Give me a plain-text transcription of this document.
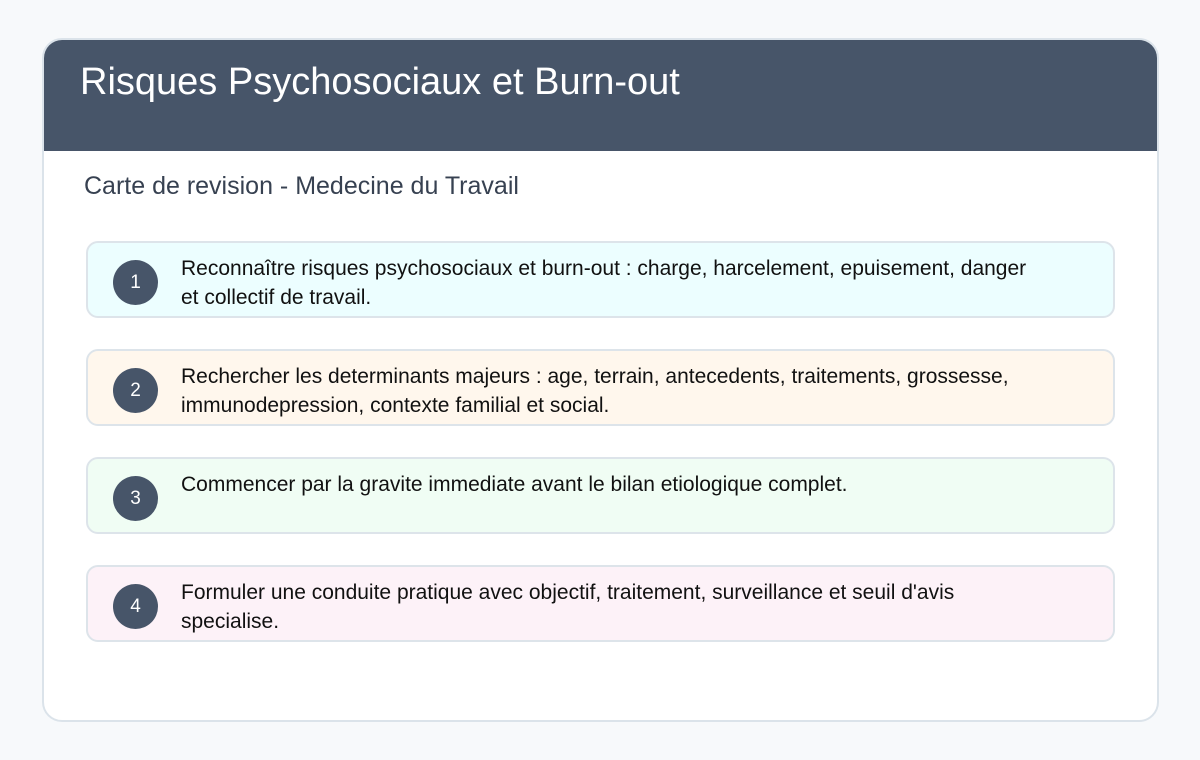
Risques Psychosociaux et Burn-out

Carte de revision - Medecine du Travail

1
Reconnaître risques psychosociaux et burn-out : charge, harcelement, epuisement, danger et collectif de travail.
2
Rechercher les determinants majeurs : age, terrain, antecedents, traitements, grossesse, immunodepression, contexte familial et social.
3
Commencer par la gravite immediate avant le bilan etiologique complet.
4
Formuler une conduite pratique avec objectif, traitement, surveillance et seuil d'avis specialise.
